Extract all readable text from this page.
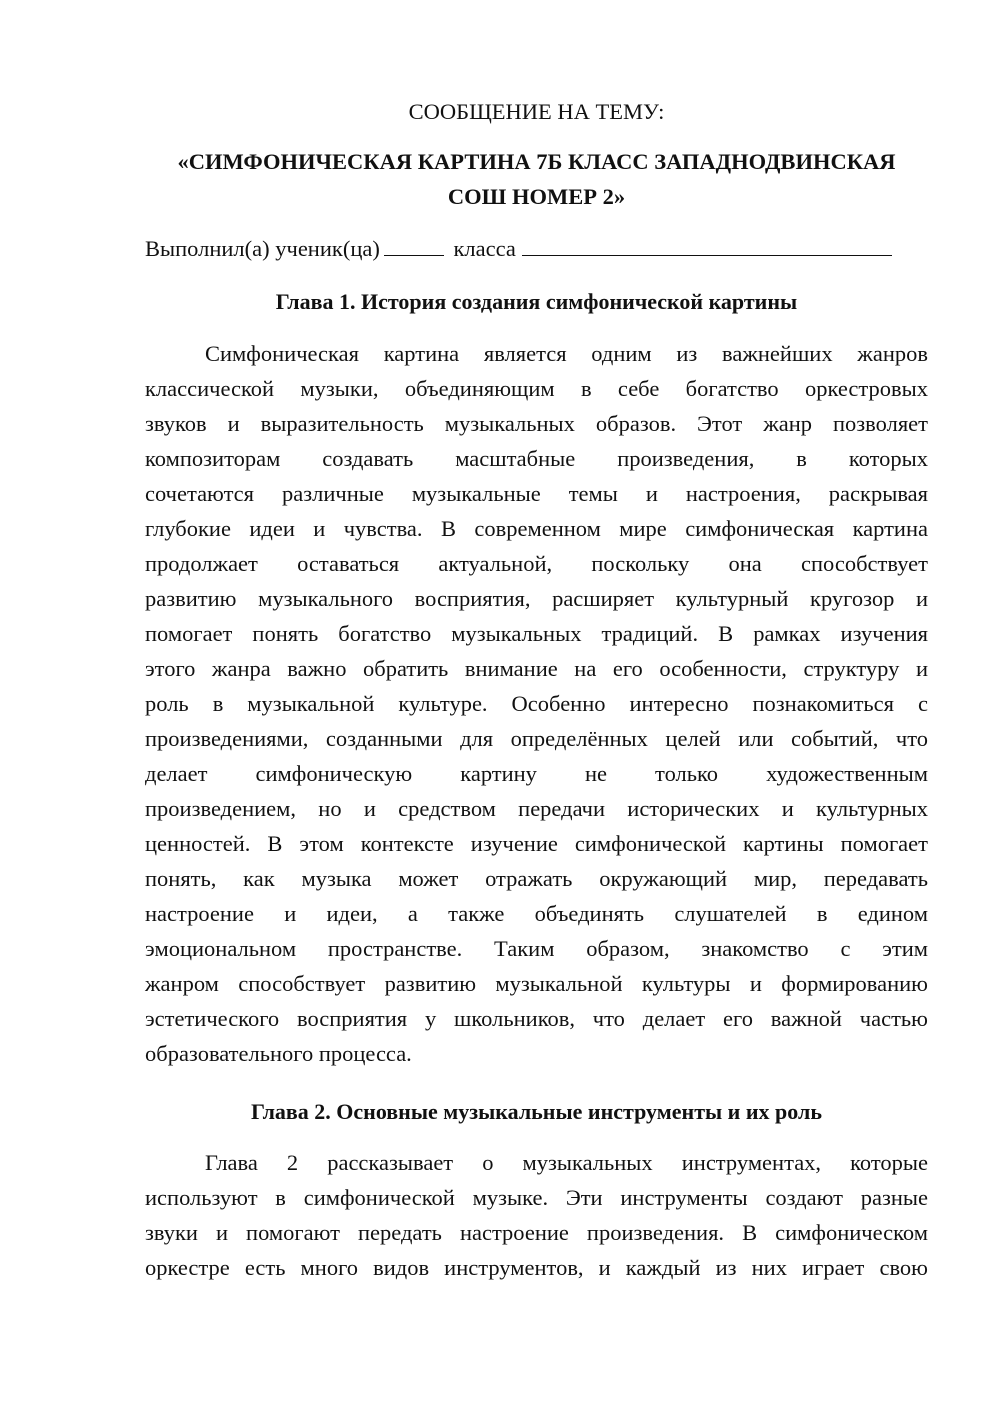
СООБЩЕНИЕ НА ТЕМУ:
«СИМФОНИЧЕСКАЯ КАРТИНА 7Б КЛАСС ЗАПАДНОДВИНСКАЯ
СОШ НОМЕР 2»
Выполнил(а) ученик(ца)	класса
Глава 1. История создания симфонической картины
Симфоническая картина является одним из важнейших жанров
классической музыки, объединяющим в себе богатство оркестровых
звуков и выразительность музыкальных образов. Этот жанр позволяет
композиторам создавать масштабные произведения, в которых
сочетаются различные музыкальные темы и настроения, раскрывая
глубокие идеи и чувства. В современном мире симфоническая картина
продолжает оставаться актуальной, поскольку она способствует
развитию музыкального восприятия, расширяет культурный кругозор и
помогает понять богатство музыкальных традиций. В рамках изучения
этого жанра важно обратить внимание на его особенности, структуру и
роль в музыкальной культуре. Особенно интересно познакомиться с
произведениями, созданными для определённых целей или событий, что
делает симфоническую картину не только художественным
произведением, но и средством передачи исторических и культурных
ценностей. В этом контексте изучение симфонической картины помогает
понять, как музыка может отражать окружающий мир, передавать
настроение и идеи, а также объединять слушателей в едином
эмоциональном пространстве. Таким образом, знакомство с этим
жанром способствует развитию музыкальной культуры и формированию
эстетического восприятия у школьников, что делает его важной частью
образовательного процесса.
Глава 2. Основные музыкальные инструменты и их роль
Глава 2 рассказывает о музыкальных инструментах, которые
используют в симфонической музыке. Эти инструменты создают разные
звуки и помогают передать настроение произведения. В симфоническом
оркестре есть много видов инструментов, и каждый из них играет свою
